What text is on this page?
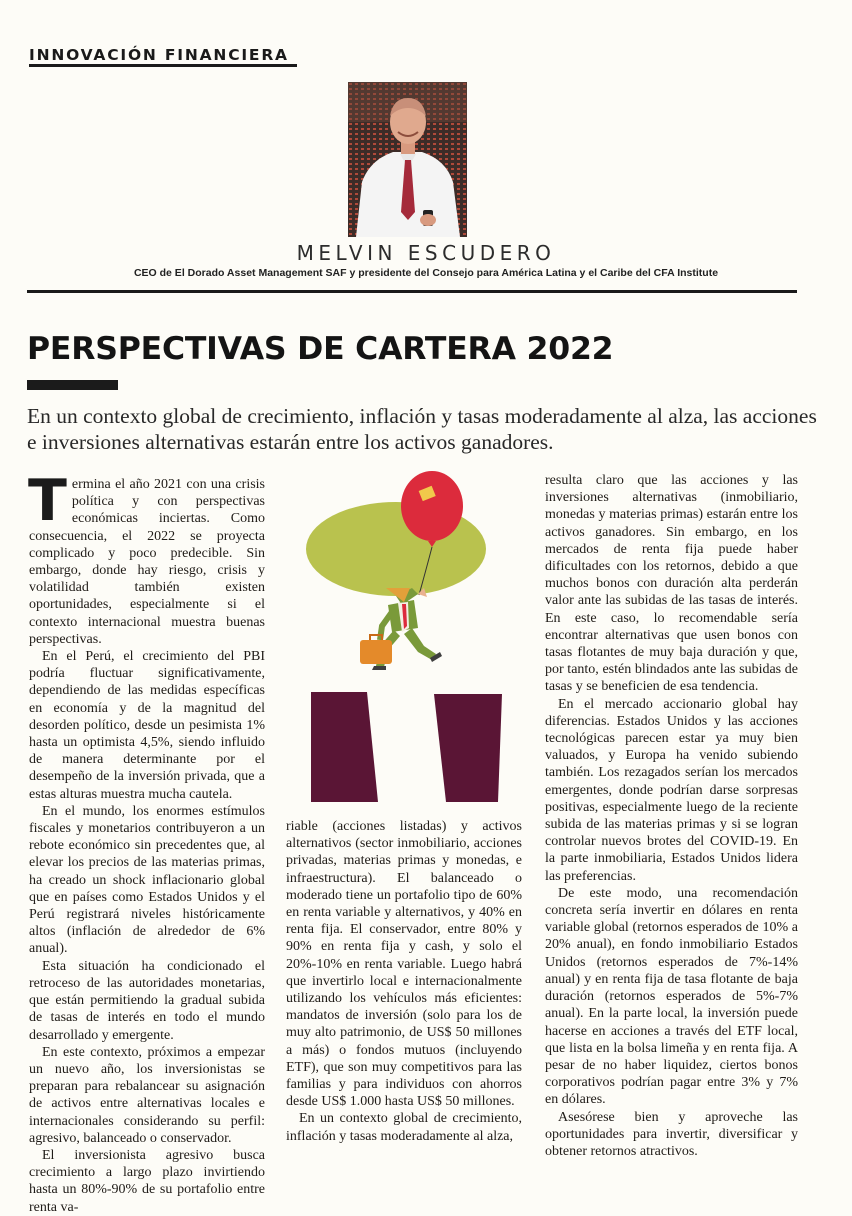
INNOVACIÓN FINANCIERA
MELVIN ESCUDERO
CEO de El Dorado Asset Management SAF y presidente del Consejo para América Latina y el Caribe del CFA Institute
PERSPECTIVAS DE CARTERA 2022
En un contexto global de crecimiento, inflación y tasas moderadamente al alza, las acciones e inversiones alternativas estarán entre los activos ganadores.

Termina el año 2021 con una crisis política y con perspectivas económicas inciertas. Como consecuencia, el 2022 se proyecta complicado y poco predecible. Sin embargo, donde hay riesgo, crisis y volatilidad también existen oportunidades, especialmente si el contexto internacional muestra buenas perspectivas.

En el Perú, el crecimiento del PBI podría fluctuar significativamente, dependiendo de las medidas específicas en economía y de la magnitud del desorden político, desde un pesimista 1% hasta un optimista 4,5%, siendo influido de manera determinante por el desempeño de la inversión privada, que a estas alturas muestra mucha cautela.

En el mundo, los enormes estímulos fiscales y monetarios contribuyeron a un rebote económico sin precedentes que, al elevar los precios de las materias primas, ha creado un shock inflacionario global que en países como Estados Unidos y el Perú registrará niveles históricamente altos (inflación de alrededor de 6% anual).

Esta situación ha condicionado el retroceso de las autoridades monetarias, que están permitiendo la gradual subida de tasas de interés en todo el mundo desarrollado y emergente.

En este contexto, próximos a empezar un nuevo año, los inversionistas se preparan para rebalancear su asignación de activos entre alternativas locales e internacionales considerando su perfil: agresivo, balanceado o conservador.

El inversionista agresivo busca crecimiento a largo plazo invirtiendo hasta un 80%-90% de su portafolio entre renta va-

riable (acciones listadas) y activos alternativos (sector inmobiliario, acciones privadas, materias primas y monedas, e infraestructura). El balanceado o moderado tiene un portafolio tipo de 60% en renta variable y alternativos, y 40% en renta fija. El conservador, entre 80% y 90% en renta fija y cash, y solo el 20%-10% en renta variable. Luego habrá que invertirlo local e internacionalmente utilizando los vehículos más eficientes: mandatos de inversión (solo para los de muy alto patrimonio, de US$ 50 millones a más) o fondos mutuos (incluyendo ETF), que son muy competitivos para las familias y para individuos con ahorros desde US$ 1.000 hasta US$ 50 millones.

En un contexto global de crecimiento, inflación y tasas moderadamente al alza,

resulta claro que las acciones y las inversiones alternativas (inmobiliario, monedas y materias primas) estarán entre los activos ganadores. Sin embargo, en los mercados de renta fija puede haber dificultades con los retornos, debido a que muchos bonos con duración alta perderán valor ante las subidas de las tasas de interés. En este caso, lo recomendable sería encontrar alternativas que usen bonos con tasas flotantes de muy baja duración y que, por tanto, estén blindados ante las subidas de tasas y se beneficien de esa tendencia.

En el mercado accionario global hay diferencias. Estados Unidos y las acciones tecnológicas parecen estar ya muy bien valuados, y Europa ha venido subiendo también. Los rezagados serían los mercados emergentes, donde podrían darse sorpresas positivas, especialmente luego de la reciente subida de las materias primas y si se logran controlar nuevos brotes del COVID-19. En la parte inmobiliaria, Estados Unidos lidera las preferencias.

De este modo, una recomendación concreta sería invertir en dólares en renta variable global (retornos esperados de 10% a 20% anual), en fondo inmobiliario Estados Unidos (retornos esperados de 7%-14% anual) y en renta fija de tasa flotante de baja duración (retornos esperados de 5%-7% anual). En la parte local, la inversión puede hacerse en acciones a través del ETF local, que lista en la bolsa limeña y en renta fija. A pesar de no haber liquidez, ciertos bonos corporativos podrían pagar entre 3% y 7% en dólares.

Asesórese bien y aproveche las oportunidades para invertir, diversificar y obtener retornos atractivos.
